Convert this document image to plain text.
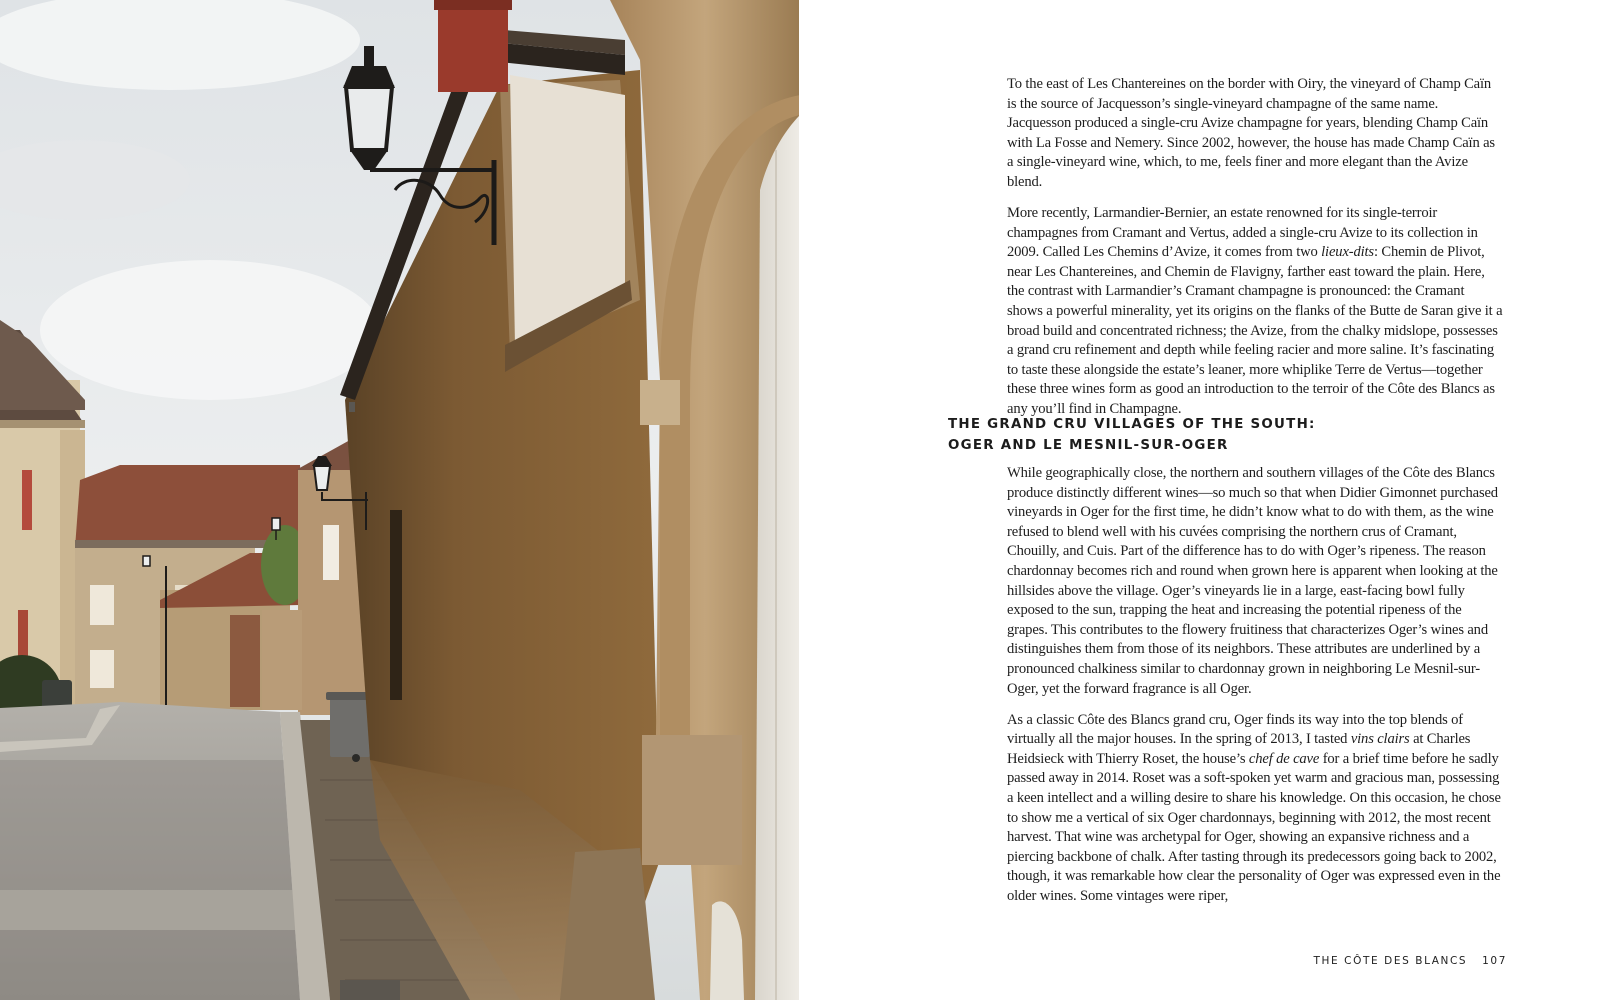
To the east of Les Chantereines on the border with Oiry, the vineyard of Champ Caïn is the source of Jacquesson’s single-vineyard champagne of the same name. Jacquesson produced a single-cru Avize champagne for years, blending Champ Caïn with La Fosse and Nemery. Since 2002, however, the house has made Champ Caïn as a single-vineyard wine, which, to me, feels finer and more elegant than the Avize blend.

More recently, Larmandier-Bernier, an estate renowned for its single-terroir champagnes from Cramant and Vertus, added a single-cru Avize to its collection in 2009. Called Les Chemins d’Avize, it comes from two lieux-dits: Chemin de Plivot, near Les Chantereines, and Chemin de Flavigny, farther east toward the plain. Here, the contrast with Larmandier’s Cramant champagne is pronounced: the Cramant shows a powerful minerality, yet its origins on the flanks of the Butte de Saran give it a broad build and concentrated richness; the Avize, from the chalky midslope, possesses a grand cru refinement and depth while feeling racier and more saline. It’s fascinating to taste these alongside the estate’s leaner, more whiplike Terre de Vertus—together these three wines form as good an introduction to the terroir of the Côte des Blancs as any you’ll find in Champagne.

THE GRAND CRU VILLAGES OF THE SOUTH:
OGER AND LE MESNIL-SUR-OGER

While geographically close, the northern and southern villages of the Côte des Blancs produce distinctly different wines—so much so that when Didier Gimonnet purchased vineyards in Oger for the first time, he didn’t know what to do with them, as the wine refused to blend well with his cuvées comprising the northern crus of Cramant, Chouilly, and Cuis. Part of the difference has to do with Oger’s ripeness. The reason chardonnay becomes rich and round when grown here is apparent when looking at the hillsides above the village. Oger’s vineyards lie in a large, east-facing bowl fully exposed to the sun, trapping the heat and increasing the potential ripeness of the grapes. This contributes to the flowery fruitiness that characterizes Oger’s wines and distinguishes them from those of its neighbors. These attributes are underlined by a pronounced chalkiness similar to chardonnay grown in neighboring Le Mesnil-sur-Oger, yet the forward fragrance is all Oger.

As a classic Côte des Blancs grand cru, Oger finds its way into the top blends of virtually all the major houses. In the spring of 2013, I tasted vins clairs at Charles Heidsieck with Thierry Roset, the house’s chef de cave for a brief time before he sadly passed away in 2014. Roset was a soft-spoken yet warm and gracious man, possessing a keen intellect and a willing desire to share his knowledge. On this occasion, he chose to show me a vertical of six Oger chardonnays, beginning with 2012, the most recent harvest. That wine was archetypal for Oger, showing an expansive richness and a piercing backbone of chalk. After tasting through its predecessors going back to 2002, though, it was remarkable how clear the personality of Oger was expressed even in the older wines. Some vintages were riper,

THE CÔTE DES BLANCS 107
